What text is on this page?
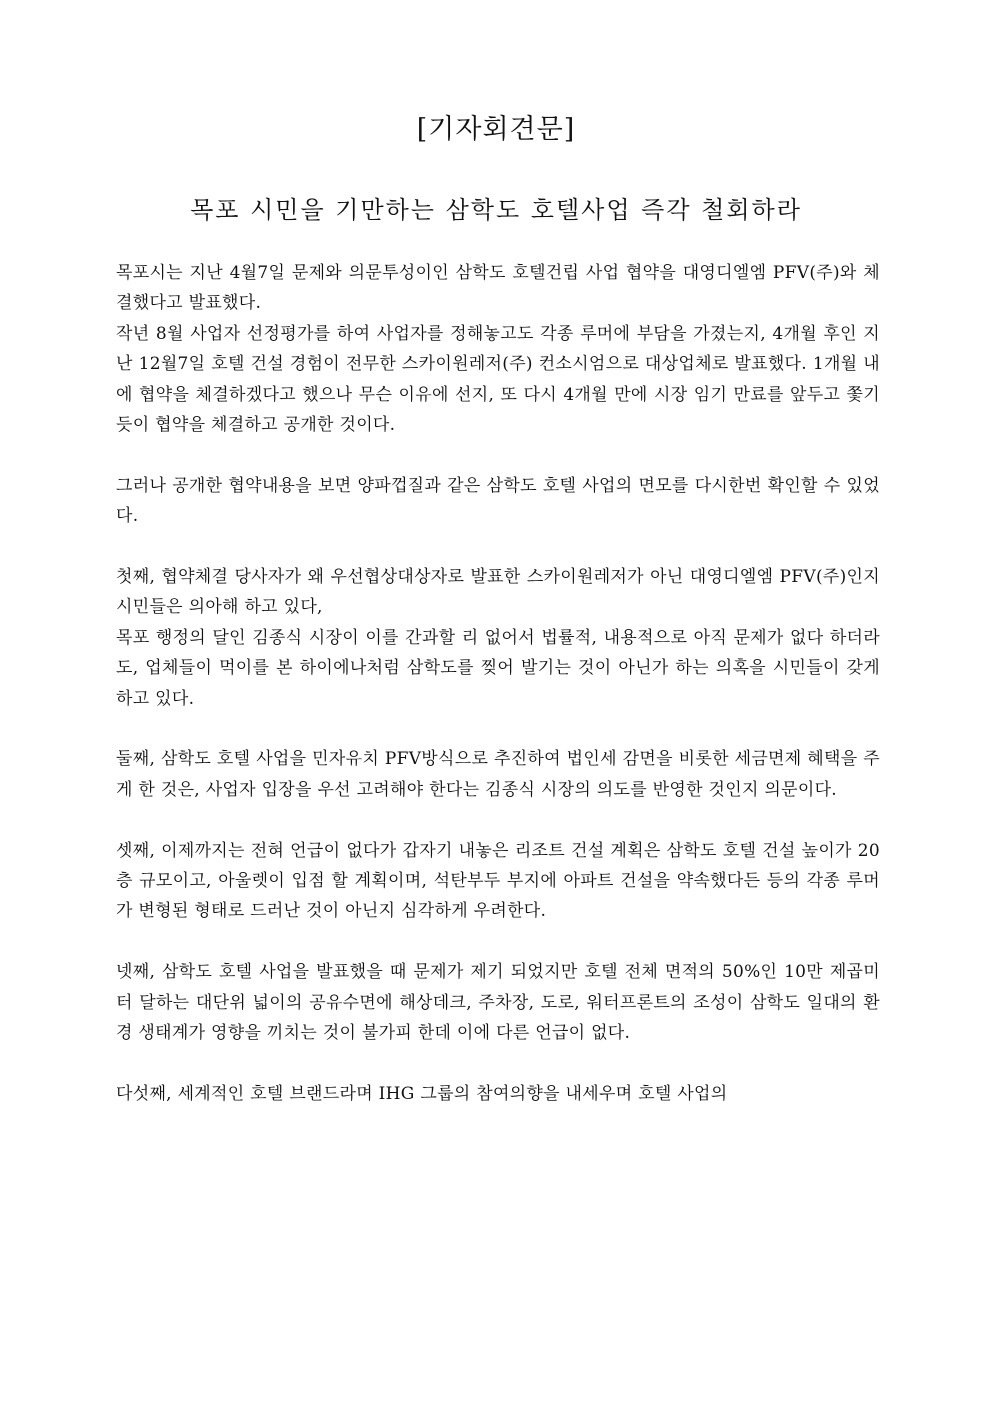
[기자회견문]
목포 시민을 기만하는 삼학도 호텔사업 즉각 철회하라

목포시는 지난 4월7일 문제와 의문투성이인 삼학도 호텔건립 사업 협약을 대영디엘엠 PFV(주)와 체결했다고 발표했다.

작년 8월 사업자 선정평가를 하여 사업자를 정해놓고도 각종 루머에 부담을 가졌는지, 4개월 후인 지난 12월7일 호텔 건설 경험이 전무한 스카이원레저(주) 컨소시엄으로 대상업체로 발표했다. 1개월 내에 협약을 체결하겠다고 했으나 무슨 이유에 선지, 또 다시 4개월 만에 시장 임기 만료를 앞두고 쫓기듯이 협약을 체결하고 공개한 것이다.

그러나 공개한 협약내용을 보면 양파껍질과 같은 삼학도 호텔 사업의 면모를 다시한번 확인할 수 있었다.

첫째, 협약체결 당사자가 왜 우선협상대상자로 발표한 스카이원레저가 아닌 대영디엘엠 PFV(주)인지 시민들은 의아해 하고 있다,

목포 행정의 달인 김종식 시장이 이를 간과할 리 없어서 법률적, 내용적으로 아직 문제가 없다 하더라도, 업체들이 먹이를 본 하이에나처럼 삼학도를 찢어 발기는 것이 아닌가 하는 의혹을 시민들이 갖게 하고 있다.

둘째, 삼학도 호텔 사업을 민자유치 PFV방식으로 추진하여 법인세 감면을 비롯한 세금면제 혜택을 주게 한 것은, 사업자 입장을 우선 고려해야 한다는 김종식 시장의 의도를 반영한 것인지 의문이다.

셋째, 이제까지는 전혀 언급이 없다가 갑자기 내놓은 리조트 건설 계획은 삼학도 호텔 건설 높이가 20층 규모이고, 아울렛이 입점 할 계획이며, 석탄부두 부지에 아파트 건설을 약속했다든 등의 각종 루머가 변형된 형태로 드러난 것이 아닌지 심각하게 우려한다.

넷째, 삼학도 호텔 사업을 발표했을 때 문제가 제기 되었지만 호텔 전체 면적의 50%인 10만 제곱미터 달하는 대단위 넓이의 공유수면에 해상데크, 주차장, 도로, 워터프론트의 조성이 삼학도 일대의 환경 생태계가 영향을 끼치는 것이 불가피 한데 이에 다른 언급이 없다.

다섯째, 세계적인 호텔 브랜드라며 IHG 그룹의 참여의향을 내세우며 호텔 사업의
